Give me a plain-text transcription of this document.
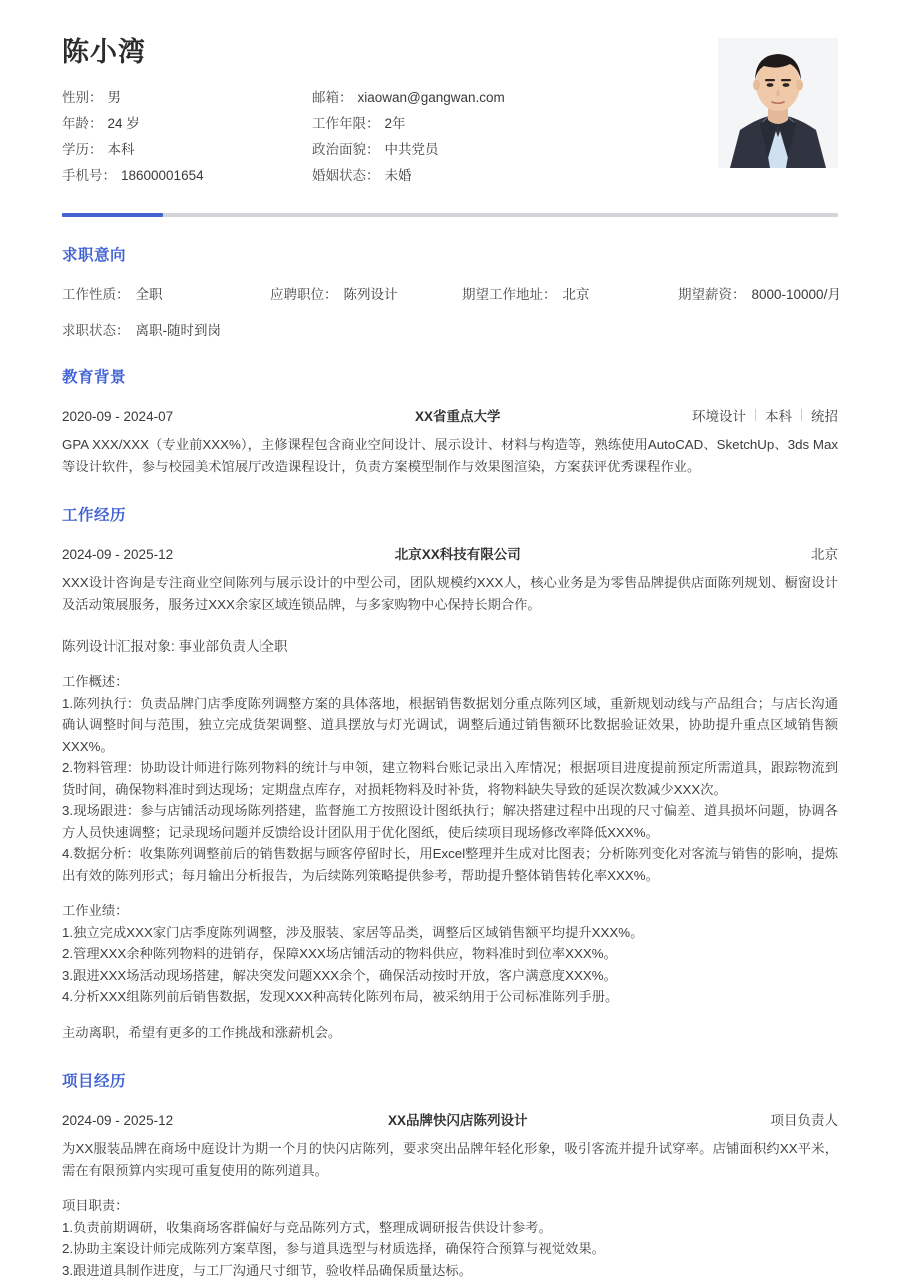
陈小湾
性别： 男	邮箱： xiaowan@gangwan.com
年龄： 24 岁	工作年限： 2年
学历： 本科	政治面貌： 中共党员
手机号： 18600001654	婚姻状态： 未婚
求职意向
工作性质： 全职	应聘职位： 陈列设计	期望工作地址： 北京	期望薪资： 8000-10000/月
求职状态： 离职-随时到岗
教育背景
2020-09 - 2024-07	XX省重点大学	环境设计	本科	统招

GPA XXX/XXX（专业前XXX%），主修课程包含商业空间设计、展示设计、材料与构造等，熟练使用AutoCAD、SketchUp、3ds Max等设计软件，参与校园美术馆展厅改造课程设计，负责方案模型制作与效果图渲染，方案获评优秀课程作业。

工作经历
2024-09 - 2025-12	北京XX科技有限公司	北京

XXX设计咨询是专注商业空间陈列与展示设计的中型公司，团队规模约XXX人，核心业务是为零售品牌提供店面陈列规划、橱窗设计及活动策展服务，服务过XXX余家区域连锁品牌，与多家购物中心保持长期合作。

陈列设计 汇报对象: 事业部负责人 全职

工作概述：

1.陈列执行：负责品牌门店季度陈列调整方案的具体落地，根据销售数据划分重点陈列区域，重新规划动线与产品组合；与店长沟通确认调整时间与范围，独立完成货架调整、道具摆放与灯光调试，调整后通过销售额环比数据验证效果，协助提升重点区域销售额XXX%。

2.物料管理：协助设计师进行陈列物料的统计与申领，建立物料台账记录出入库情况；根据项目进度提前预定所需道具，跟踪物流到货时间，确保物料准时到达现场；定期盘点库存，对损耗物料及时补货，将物料缺失导致的延误次数减少XXX次。

3.现场跟进：参与店铺活动现场陈列搭建，监督施工方按照设计图纸执行；解决搭建过程中出现的尺寸偏差、道具损坏问题，协调各方人员快速调整；记录现场问题并反馈给设计团队用于优化图纸，使后续项目现场修改率降低XXX%。

4.数据分析：收集陈列调整前后的销售数据与顾客停留时长，用Excel整理并生成对比图表；分析陈列变化对客流与销售的影响，提炼出有效的陈列形式；每月输出分析报告，为后续陈列策略提供参考，帮助提升整体销售转化率XXX%。

工作业绩：

1.独立完成XXX家门店季度陈列调整，涉及服装、家居等品类，调整后区域销售额平均提升XXX%。

2.管理XXX余种陈列物料的进销存，保障XXX场店铺活动的物料供应，物料准时到位率XXX%。

3.跟进XXX场活动现场搭建，解决突发问题XXX余个，确保活动按时开放，客户满意度XXX%。

4.分析XXX组陈列前后销售数据，发现XXX种高转化陈列布局，被采纳用于公司标准陈列手册。

主动离职，希望有更多的工作挑战和涨薪机会。

项目经历
2024-09 - 2025-12	XX品牌快闪店陈列设计	项目负责人

为XX服装品牌在商场中庭设计为期一个月的快闪店陈列，要求突出品牌年轻化形象，吸引客流并提升试穿率。店铺面积约XX平米，需在有限预算内实现可重复使用的陈列道具。

项目职责：

1.负责前期调研，收集商场客群偏好与竞品陈列方式，整理成调研报告供设计参考。

2.协助主案设计师完成陈列方案草图，参与道具选型与材质选择，确保符合预算与视觉效果。

3.跟进道具制作进度，与工厂沟通尺寸细节，验收样品确保质量达标。
